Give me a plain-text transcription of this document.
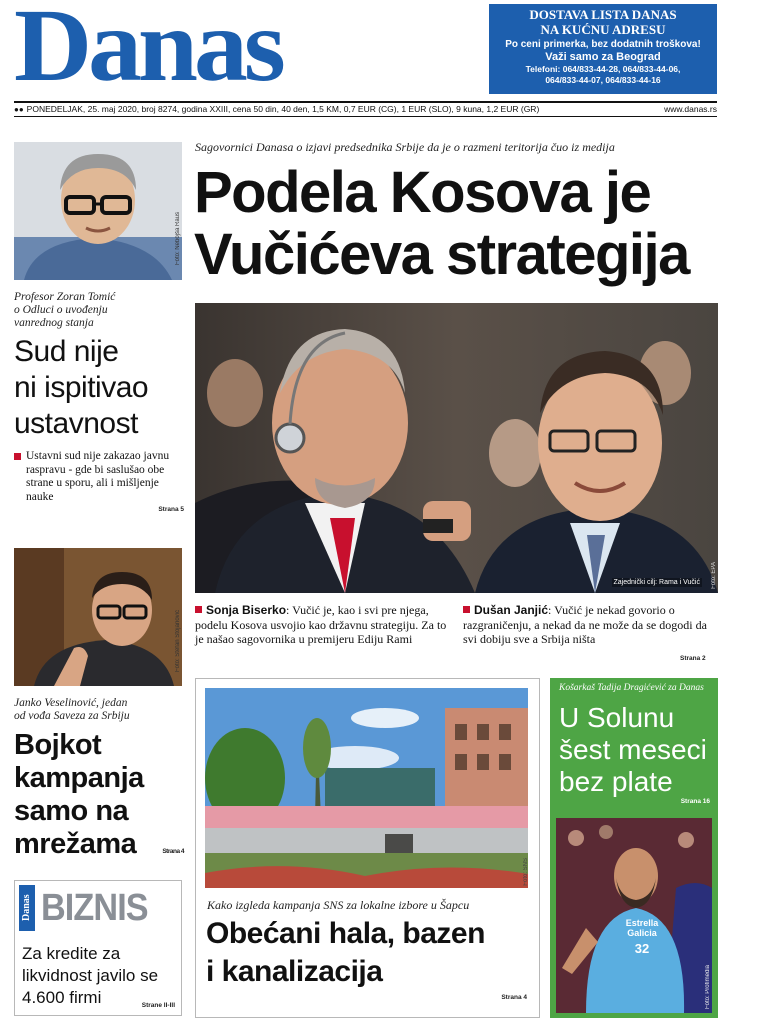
Danas	DOSTAVA LISTA DANAS
NA KUĆNU ADRESU
Po ceni primerka, bez dodatnih troškova!
Važi samo za Beograd
Telefoni: 064/833-44-28, 064/833-44-06,
064/833-44-07, 064/833-44-16
●● PONEDELJAK, 25. maj 2020, broj 8274, godina XXIII, cena 50 din, 40 den, 1,5 KM, 0,7 EUR (CG), 1 EUR (SLO), 9 kuna, 1,2 EUR (GR)	www.danas.rs
Foto: Nebojša Raus
Profesor Zoran Tomić
o Odluci o uvođenju
vanrednog stanja
Sud nije
ni ispitivao
ustavnost
Ustavni sud nije zakazao javnu raspravu - gde bi saslušao obe strane u sporu, ali i mišljenje nauke
Strana 5
Foto: Stefan Stojanović
Janko Veselinović, jedan
od vođa Saveza za Srbiju
Bojkot
kampanja
samo na
mrežama	Strana 4
Danas BIZNIS
Za kredite za
likvidnost javilo se
4.600 firmi	Strane II-III
Sagovornici Danasa o izjavi predsednika Srbije da je o razmeni teritorija čuo iz medija
Podela Kosova je
Vučićeva strategija
Zajednički cilj: Rama i Vučić	Foto: EPA
Sonja Biserko: Vučić je, kao i svi pre njega, podelu Kosova usvojio kao državnu strategiju. Za to je našao sagovornika u premijeru Ediju Rami
Dušan Janjić: Vučić je nekad govorio o razgraničenju, a nekad da ne može da se dogodi da svi dobiju sve a Srbija ništa
Strana 2
Foto: SNS
Kako izgleda kampanja SNS za lokalne izbore u Šapcu
Obećani hala, bazen
i kanalizacija
Strana 4
Košarkaš Tadija Dragićević za Danas
U Solunu
šest meseci
bez plate
Strana 16
Estrella
Galicia
32
Foto: Profimedia
